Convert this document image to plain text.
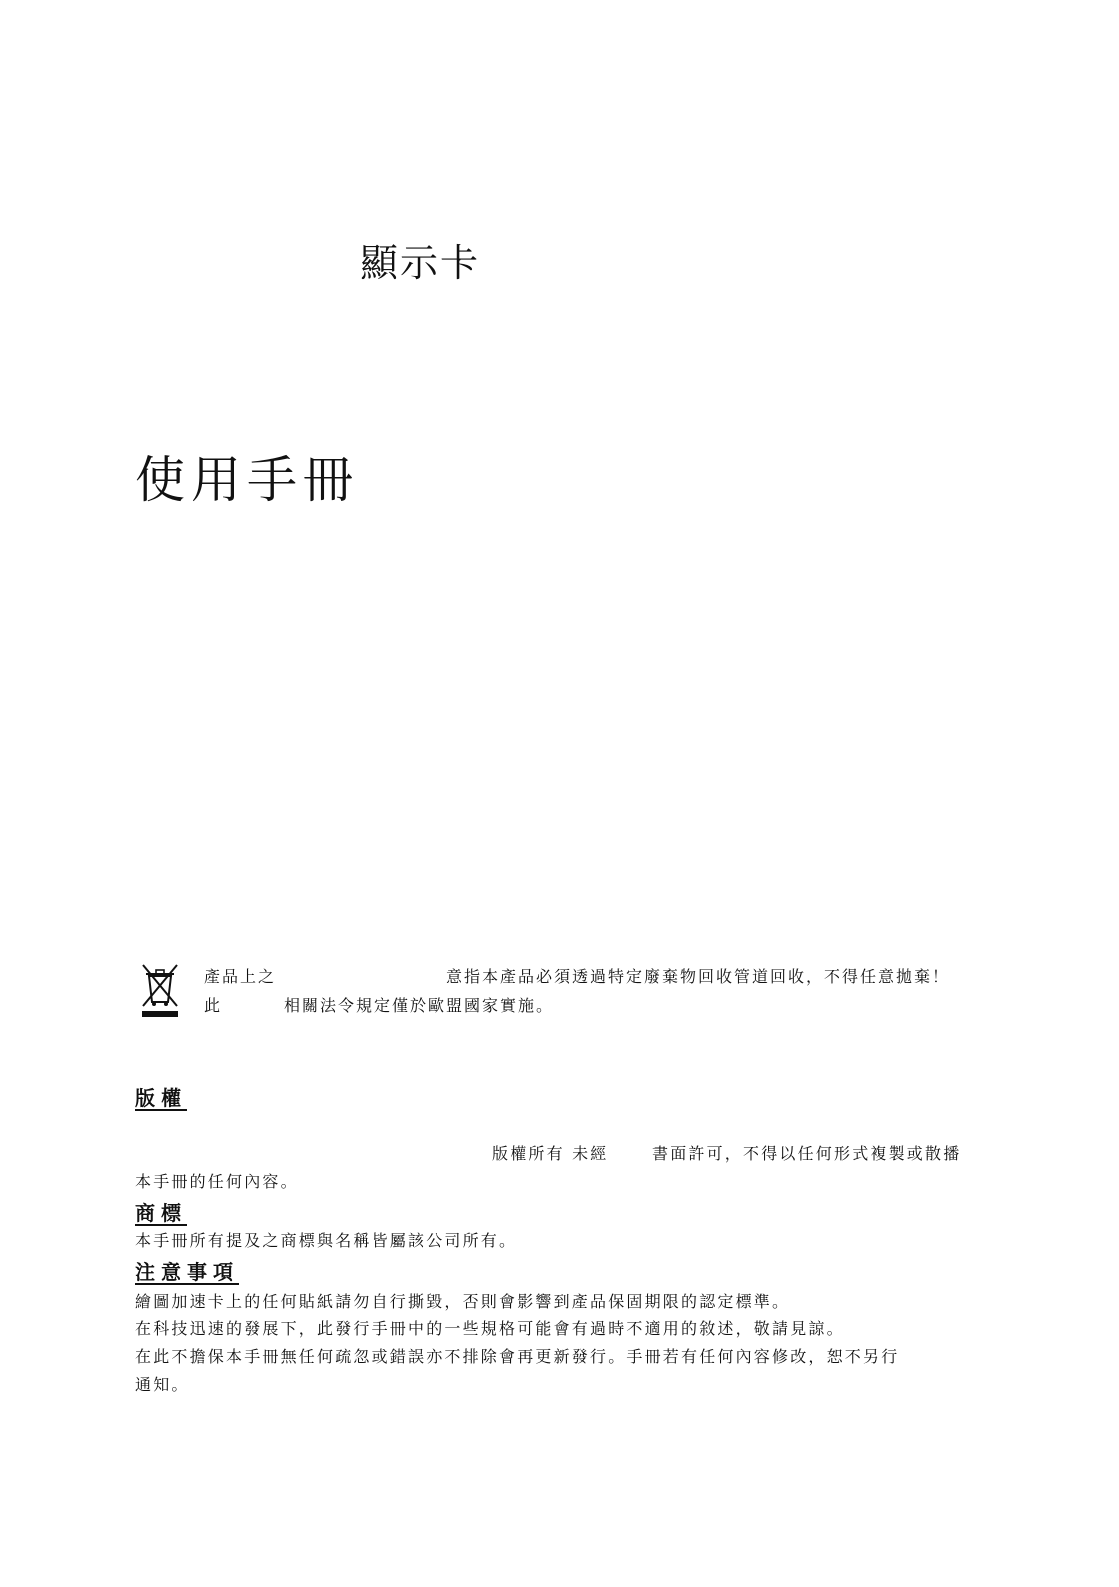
顯示卡
使用手冊
產品上之	意指本產品必須透過特定廢棄物回收管道回收，不得任意拋棄！
此	相關法令規定僅於歐盟國家實施。
版權
版權所有 未經	書面許可，不得以任何形式複製或散播
本手冊的任何內容。
商標
本手冊所有提及之商標與名稱皆屬該公司所有。
注意事項
繪圖加速卡上的任何貼紙請勿自行撕毀，否則會影響到產品保固期限的認定標準。
在科技迅速的發展下，此發行手冊中的一些規格可能會有過時不適用的敘述，敬請見諒。
在此不擔保本手冊無任何疏忽或錯誤亦不排除會再更新發行。手冊若有任何內容修改，恕不另行
通知。
